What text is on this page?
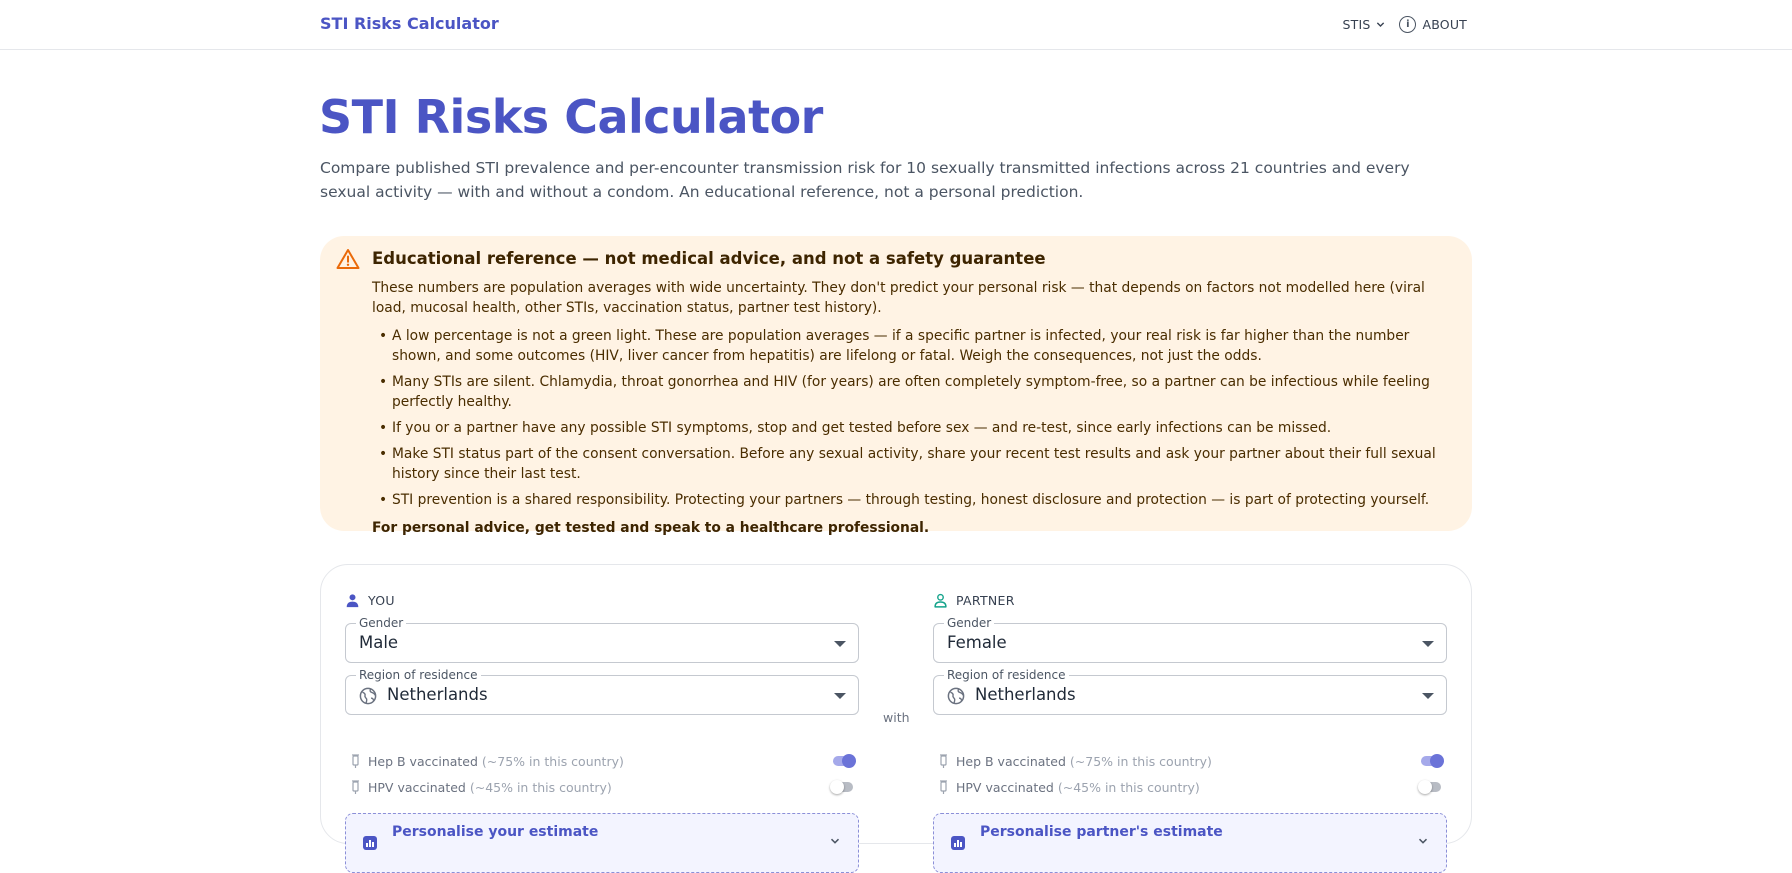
STI Risks Calculator	STIS	i	ABOUT
STI Risks Calculator

Compare published STI prevalence and per-encounter transmission risk for 10 sexually transmitted infections across 21 countries and every sexual activity — with and without a condom. An educational reference, not a personal prediction.

Educational reference — not medical advice, and not a safety guarantee

These numbers are population averages with wide uncertainty. They don't predict your personal risk — that depends on factors not modelled here (viral load, mucosal health, other STIs, vaccination status, partner test history).

• A low percentage is not a green light. These are population averages — if a specific partner is infected, your real risk is far higher than the number shown, and some outcomes (HIV, liver cancer from hepatitis) are lifelong or fatal. Weigh the consequences, not just the odds.
• Many STIs are silent. Chlamydia, throat gonorrhea and HIV (for years) are often completely symptom-free, so a partner can be infectious while feeling perfectly healthy.
• If you or a partner have any possible STI symptoms, stop and get tested before sex — and re-test, since early infections can be missed.
• Make STI status part of the consent conversation. Before any sexual activity, share your recent test results and ask your partner about their full sexual history since their last test.
• STI prevention is a shared responsibility. Protecting your partners — through testing, honest disclosure and protection — is part of protecting yourself.

For personal advice, get tested and speak to a healthcare professional.

YOU
Gender
Male
Region of residence
Netherlands
Hep B vaccinated (~75% in this country)
HPV vaccinated (~45% in this country)
Personalise your estimate
with
PARTNER
Gender
Female
Region of residence
Netherlands
Hep B vaccinated (~75% in this country)
HPV vaccinated (~45% in this country)
Personalise partner's estimate
